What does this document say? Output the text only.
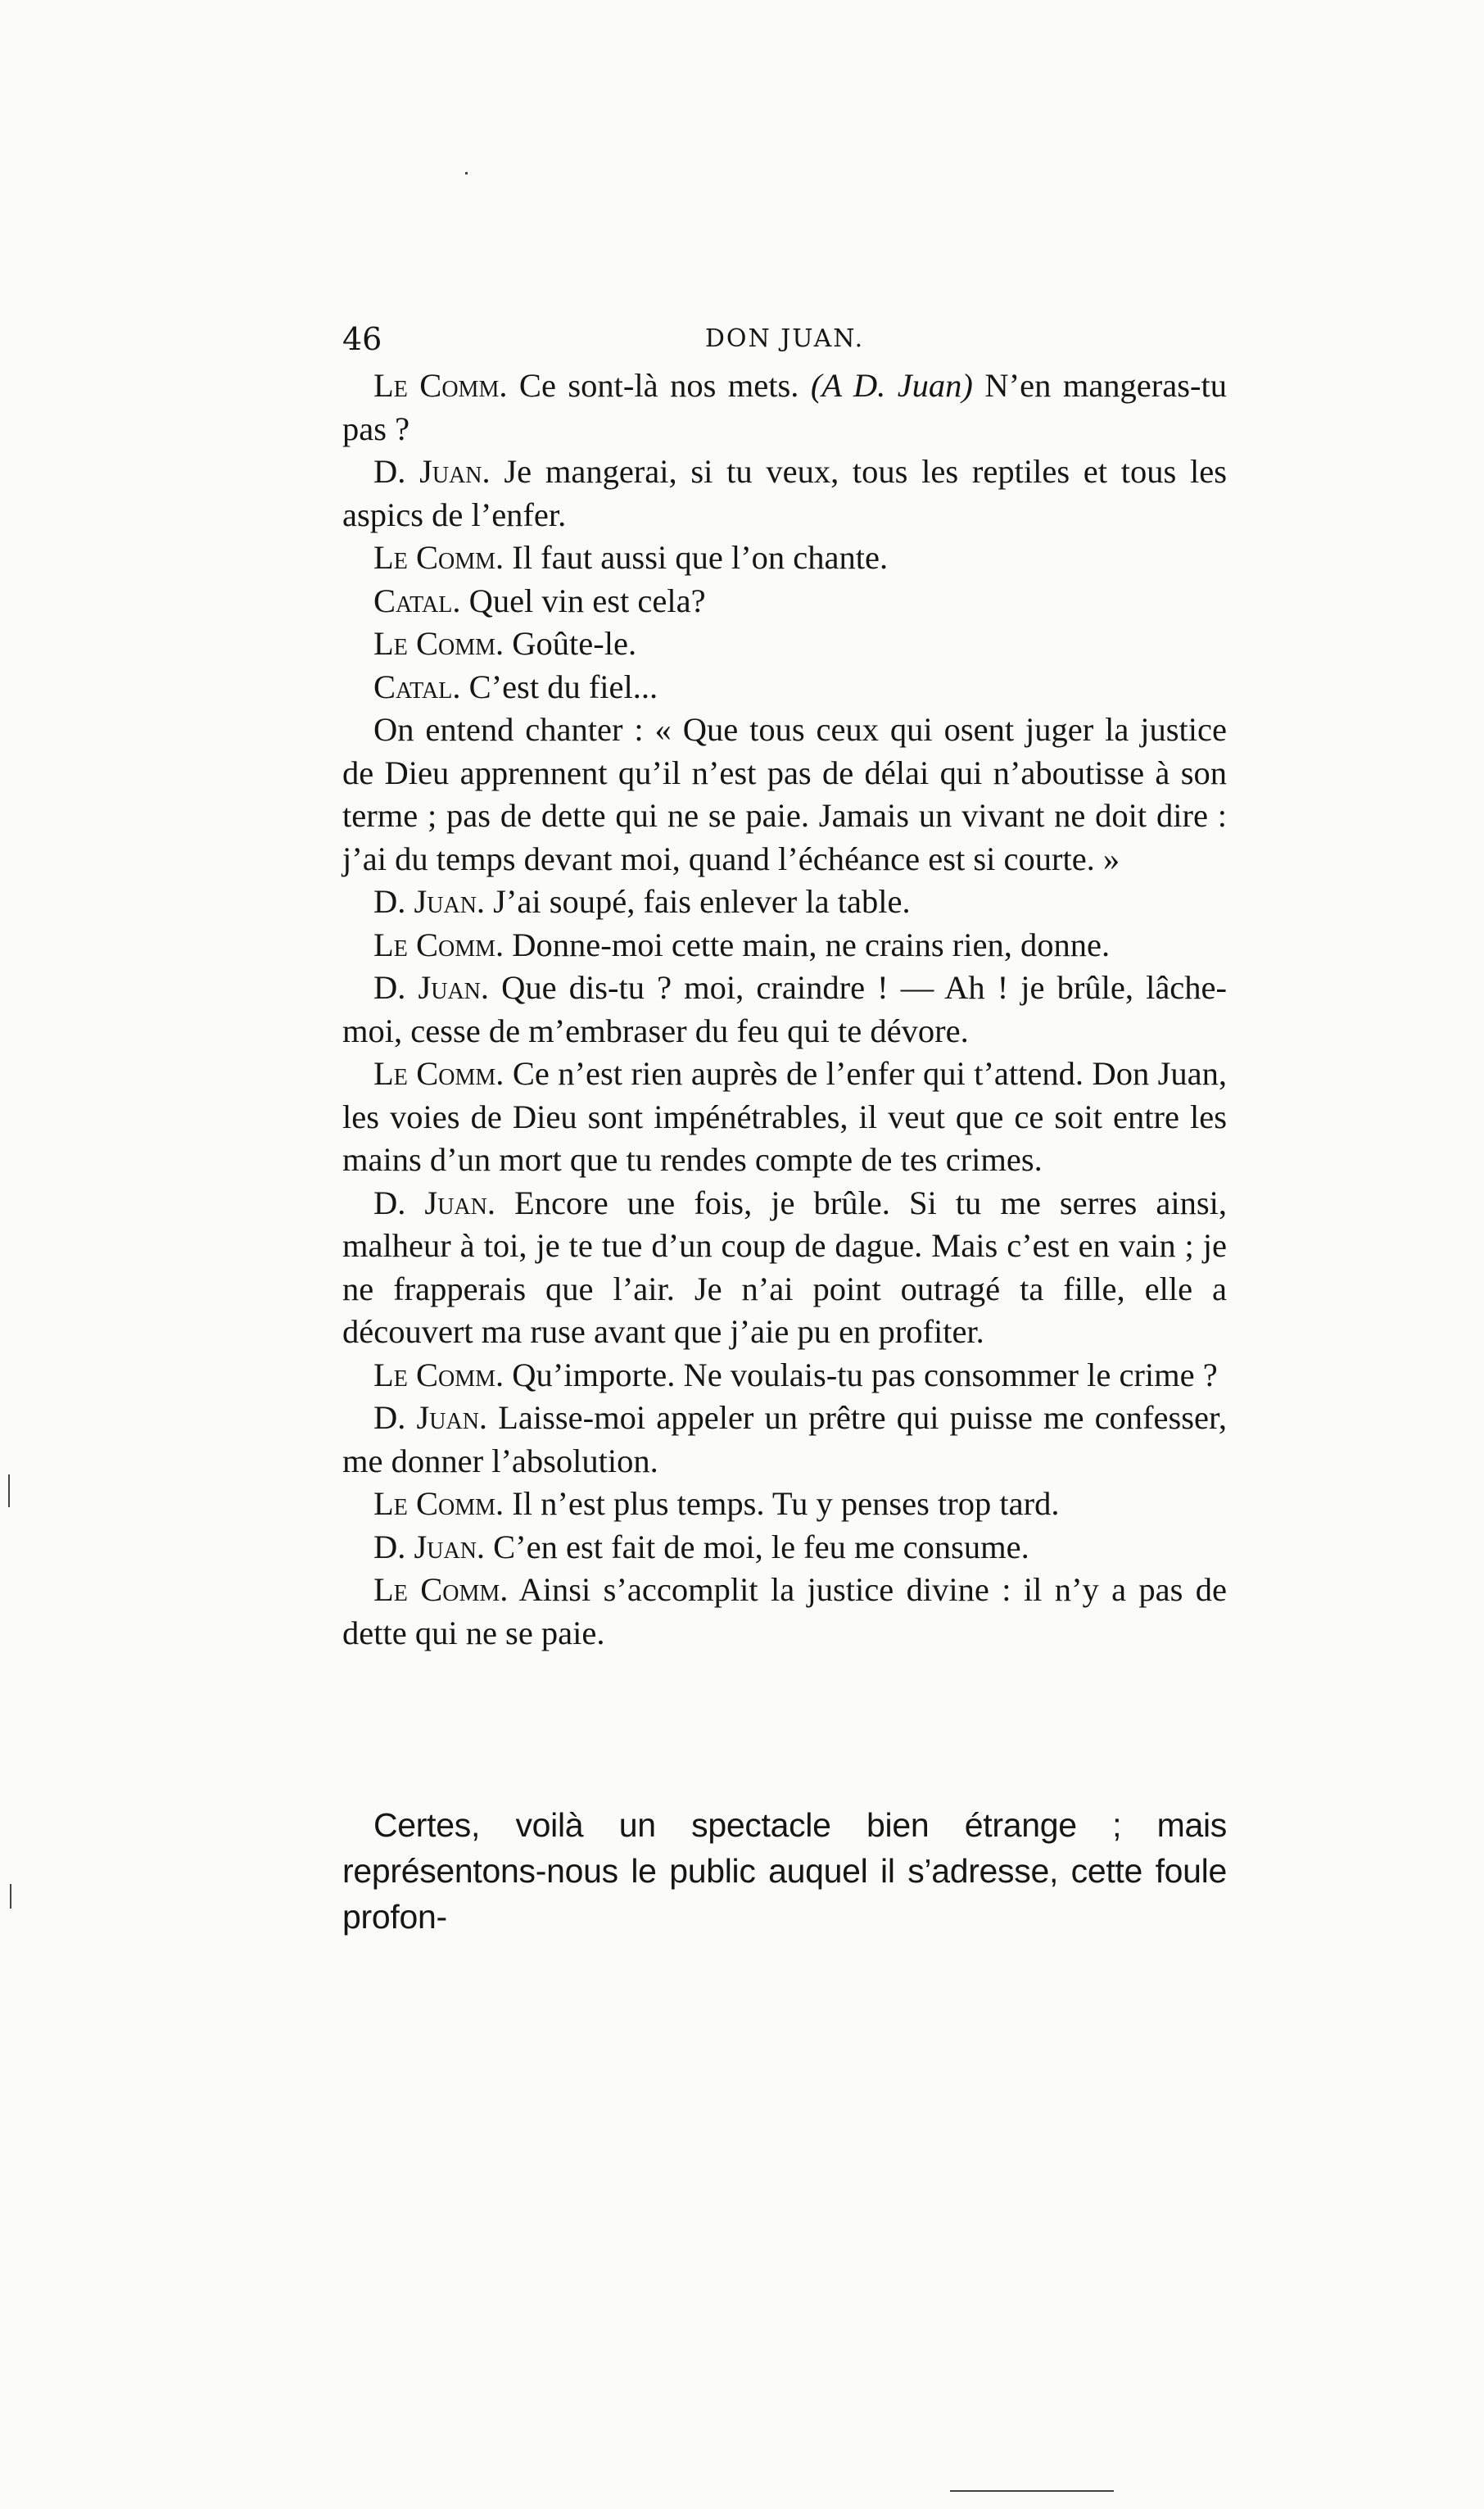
46	DON JUAN.

Le Comm. Ce sont-là nos mets. (A D. Juan) N’en mangeras-tu pas ?

D. Juan. Je mangerai, si tu veux, tous les reptiles et tous les aspics de l’enfer.

Le Comm. Il faut aussi que l’on chante.

Catal. Quel vin est cela?

Le Comm. Goûte-le.

Catal. C’est du fiel...

On entend chanter : « Que tous ceux qui osent juger la justice de Dieu apprennent qu’il n’est pas de délai qui n’aboutisse à son terme ; pas de dette qui ne se paie. Jamais un vivant ne doit dire : j’ai du temps devant moi, quand l’échéance est si courte. »

D. Juan. J’ai soupé, fais enlever la table.

Le Comm. Donne-moi cette main, ne crains rien, donne.

D. Juan. Que dis-tu ? moi, craindre ! — Ah ! je brûle, lâche-moi, cesse de m’embraser du feu qui te dévore.

Le Comm. Ce n’est rien auprès de l’enfer qui t’attend. Don Juan, les voies de Dieu sont impénétrables, il veut que ce soit entre les mains d’un mort que tu rendes compte de tes crimes.

D. Juan. Encore une fois, je brûle. Si tu me serres ainsi, malheur à toi, je te tue d’un coup de dague. Mais c’est en vain ; je ne frapperais que l’air. Je n’ai point outragé ta fille, elle a découvert ma ruse avant que j’aie pu en profiter.

Le Comm. Qu’importe. Ne voulais-tu pas consommer le crime ?

D. Juan. Laisse-moi appeler un prêtre qui puisse me confesser, me donner l’absolution.

Le Comm. Il n’est plus temps. Tu y penses trop tard.

D. Juan. C’en est fait de moi, le feu me consume.

Le Comm. Ainsi s’accomplit la justice divine : il n’y a pas de dette qui ne se paie.

Certes, voilà un spectacle bien étrange ; mais représentons-nous le public auquel il s’adresse, cette foule profon-
